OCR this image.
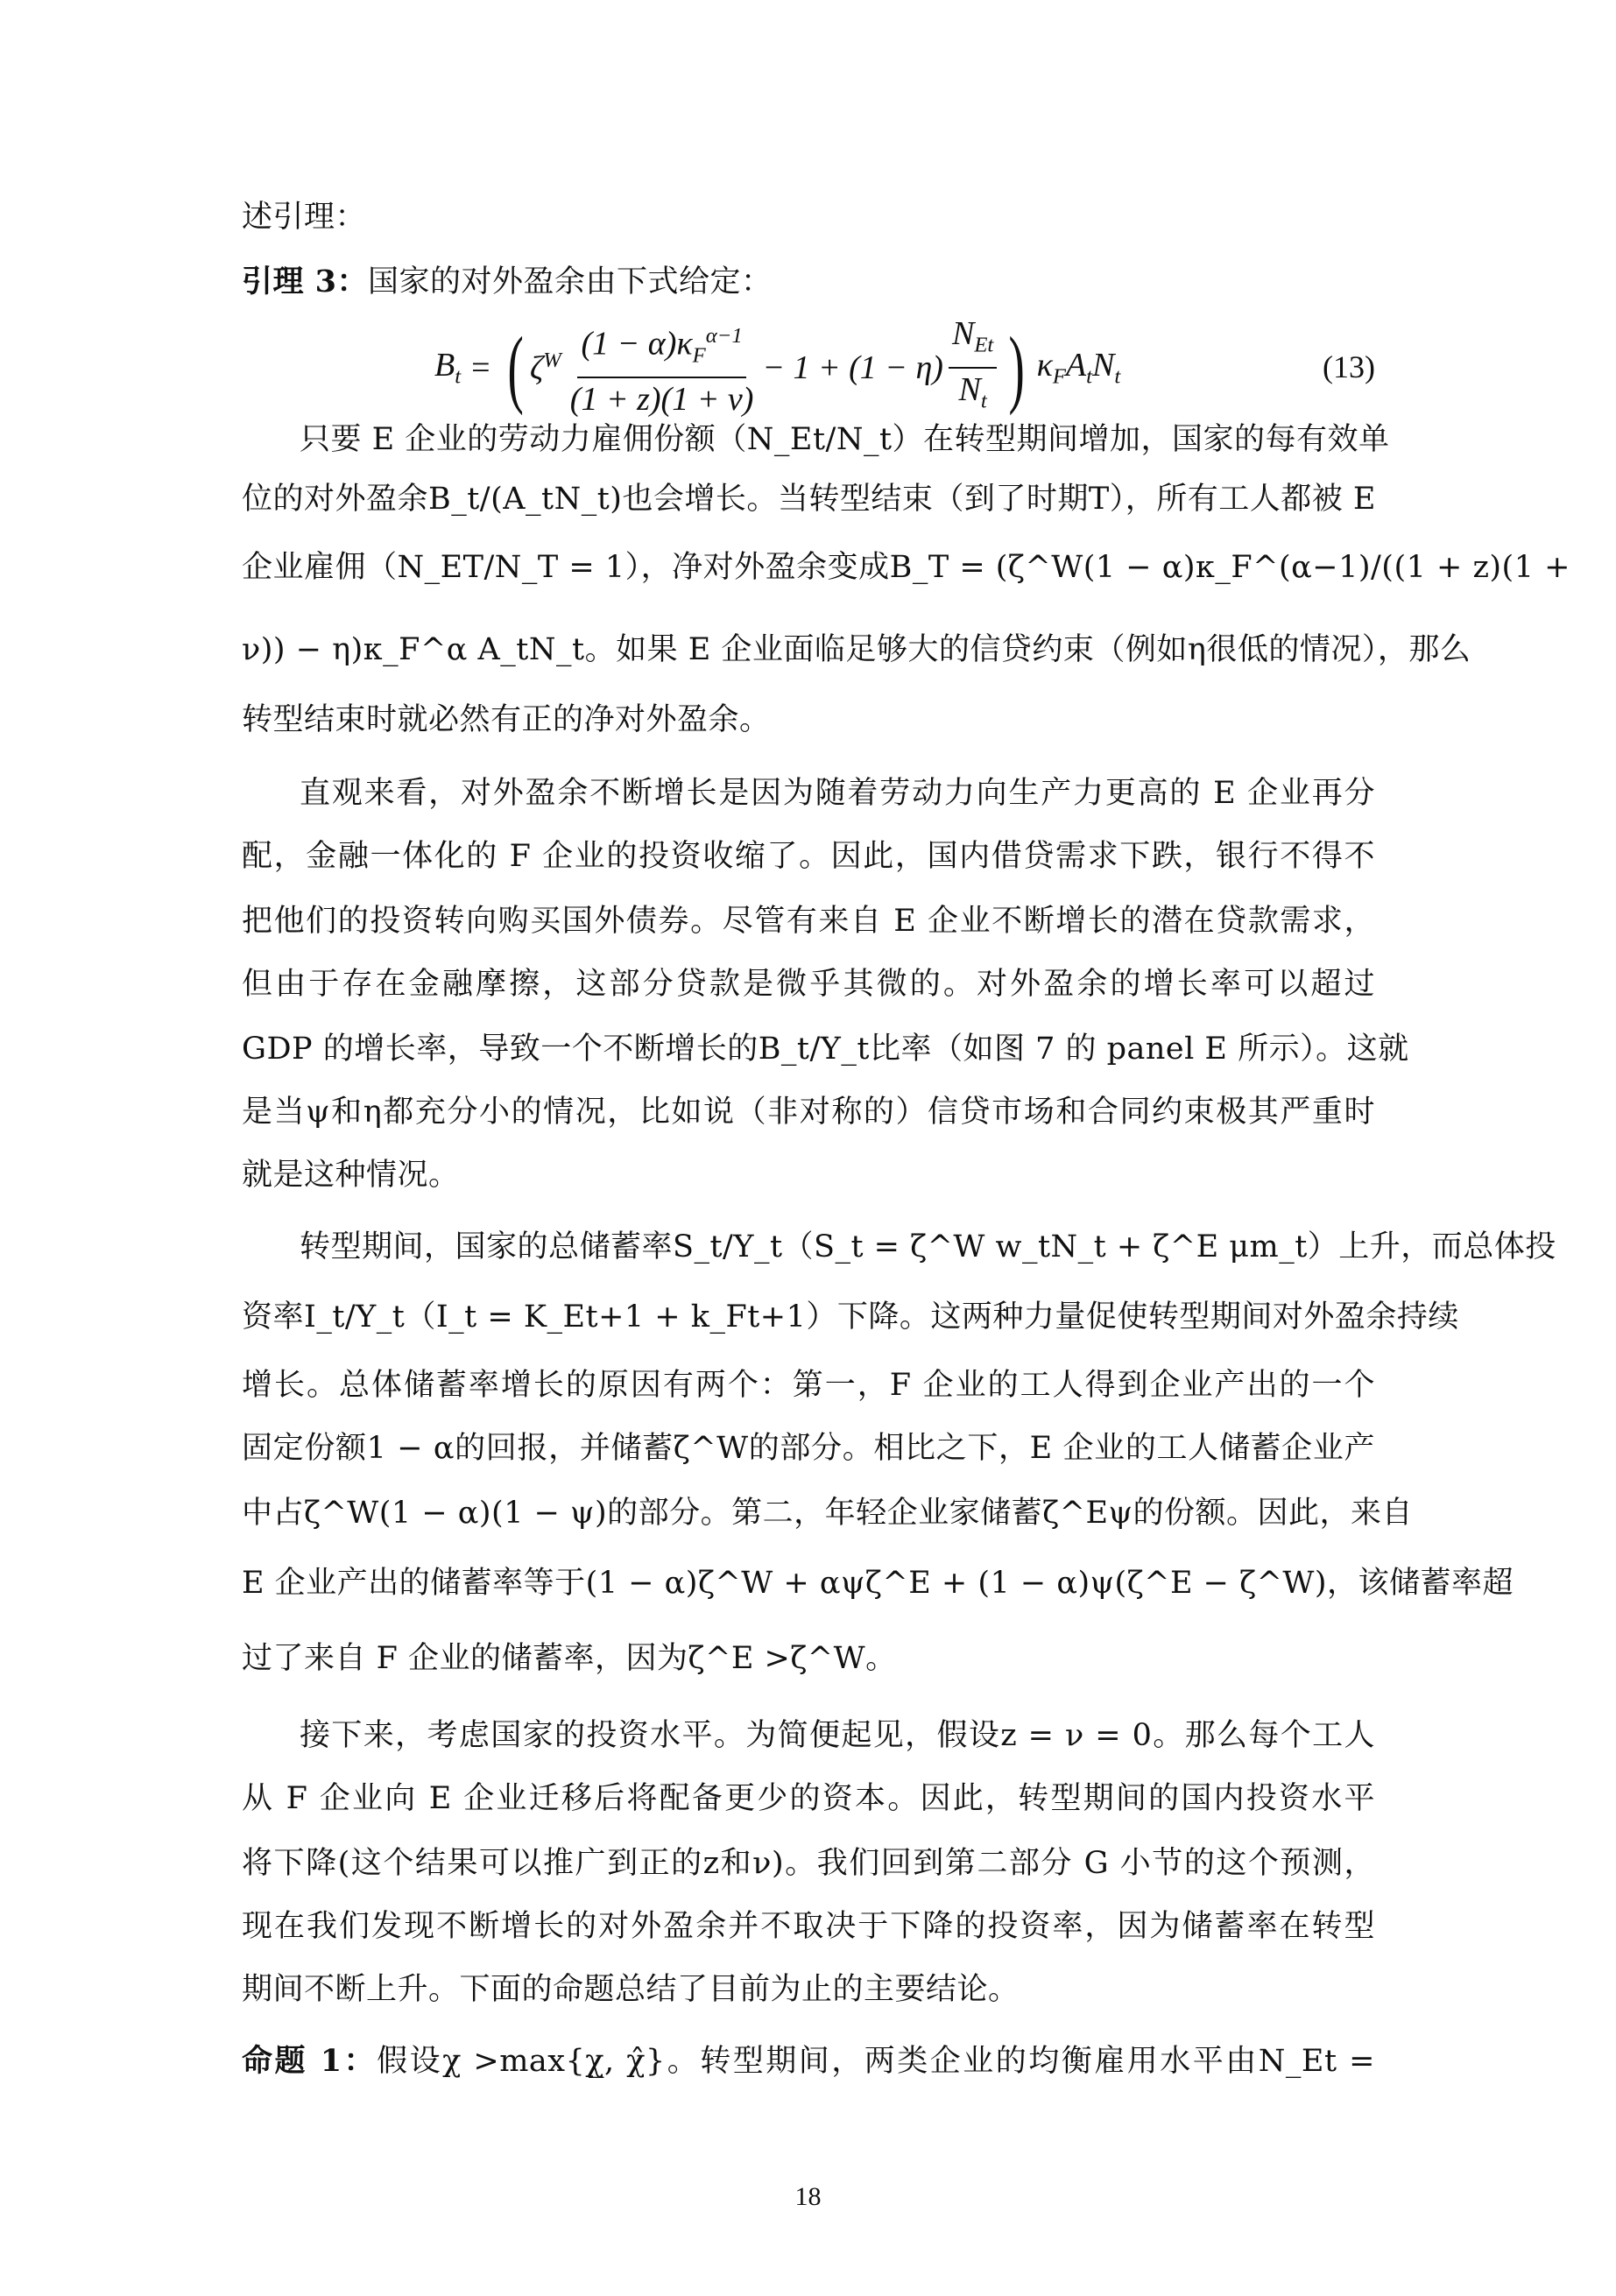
述引理：
引理 3：国家的对外盈余由下式给定：
$B_t$ = ( $\zeta^W \frac{(1 - \alpha)\kappa_F^{\alpha-1}}{(1 + z)(1 + \nu)} - 1 + (1 - \eta) \frac{N_{Et}}{N_t}$ ) $\kappa_FA_tN_t$	(13)
只要 E 企业的劳动力雇佣份额（N_Et/N_t）在转型期间增加，国家的每有效单
位的对外盈余B_t/(A_tN_t)也会增长。当转型结束（到了时期T），所有工人都被 E
企业雇佣（N_ET/N_T = 1），净对外盈余变成B_T = (ζ^W(1 − α)κ_F^(α−1)/((1 + z)(1 +
ν)) − η)κ_F^α A_tN_t。如果 E 企业面临足够大的信贷约束（例如η很低的情况），那么
转型结束时就必然有正的净对外盈余。
直观来看，对外盈余不断增长是因为随着劳动力向生产力更高的 E 企业再分
配，金融一体化的 F 企业的投资收缩了。因此，国内借贷需求下跌，银行不得不
把他们的投资转向购买国外债券。尽管有来自 E 企业不断增长的潜在贷款需求，
但由于存在金融摩擦，这部分贷款是微乎其微的。对外盈余的增长率可以超过
GDP 的增长率，导致一个不断增长的B_t/Y_t比率（如图 7 的 panel E 所示）。这就
是当ψ和η都充分小的情况，比如说（非对称的）信贷市场和合同约束极其严重时
就是这种情况。
转型期间，国家的总储蓄率S_t/Y_t（S_t = ζ^W w_tN_t + ζ^E μm_t）上升，而总体投
资率I_t/Y_t（I_t = K_Et+1 + k_Ft+1）下降。这两种力量促使转型期间对外盈余持续
增长。总体储蓄率增长的原因有两个：第一，F 企业的工人得到企业产出的一个
固定份额1 − α的回报，并储蓄ζ^W的部分。相比之下，E 企业的工人储蓄企业产
中占ζ^W(1 − α)(1 − ψ)的部分。第二，年轻企业家储蓄ζ^Eψ的份额。因此，来自
E 企业产出的储蓄率等于(1 − α)ζ^W + αψζ^E + (1 − α)ψ(ζ^E − ζ^W)，该储蓄率超
过了来自 F 企业的储蓄率，因为ζ^E >ζ^W。
接下来，考虑国家的投资水平。为简便起见，假设z = ν = 0。那么每个工人
从 F 企业向 E 企业迁移后将配备更少的资本。因此，转型期间的国内投资水平
将下降(这个结果可以推广到正的z和ν)。我们回到第二部分 G 小节的这个预测，
现在我们发现不断增长的对外盈余并不取决于下降的投资率，因为储蓄率在转型
期间不断上升。下面的命题总结了目前为止的主要结论。
命题 1：假设χ >max{χ̲, χ̂}。转型期间，两类企业的均衡雇用水平由N_Et =
18
